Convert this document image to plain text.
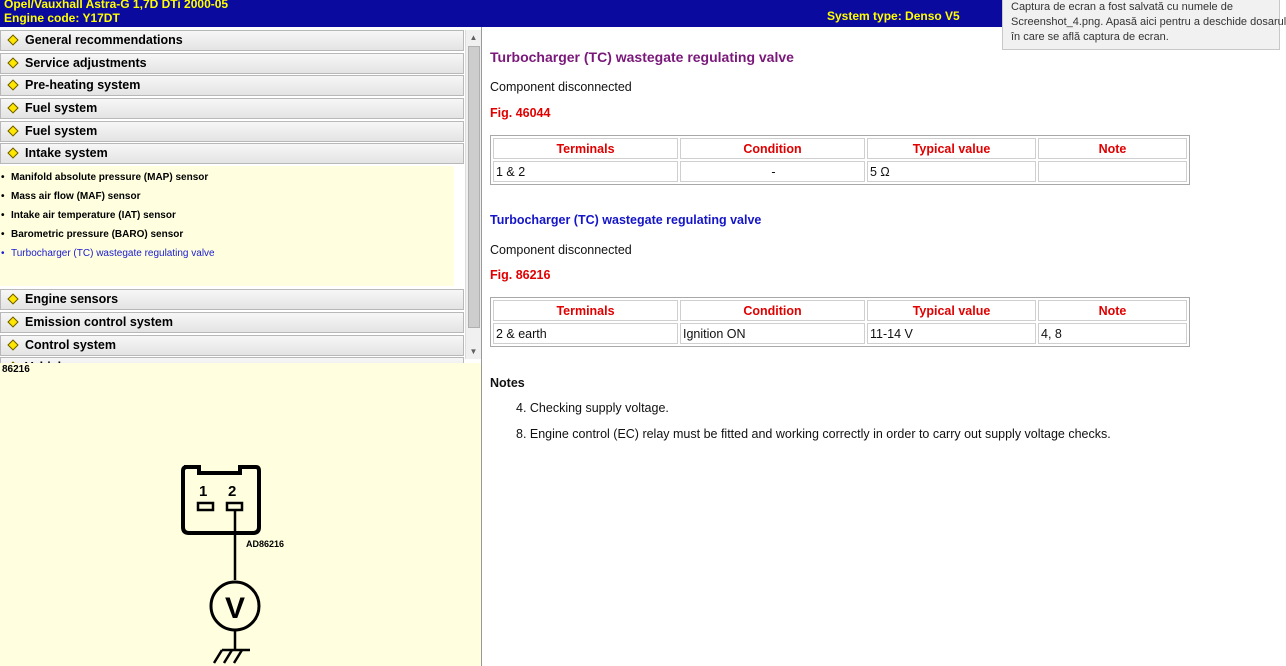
Opel/Vauxhall Astra-G 1,7D DTi 2000-05
Engine code: Y17DT	System type: Denso V5
Captura de ecran a fost salvată cu numele de
Screenshot_4.png. Apasă aici pentru a deschide dosarul
în care se află captura de ecran.
General recommendations
Service adjustments
Pre-heating system
Fuel system
Fuel system
Intake system
• Manifold absolute pressure (MAP) sensor
• Mass air flow (MAF) sensor
• Intake air temperature (IAT) sensor
• Barometric pressure (BARO) sensor
• Turbocharger (TC) wastegate regulating valve
Engine sensors
Emission control system
Control system
▲
▼
86216
1 2
AD86216
V
Turbocharger (TC) wastegate regulating valve
Component disconnected
Fig. 46044
Terminals	Condition	Typical value	Note
1 & 2	-	5 Ω	
Turbocharger (TC) wastegate regulating valve
Component disconnected
Fig. 86216
Terminals	Condition	Typical value	Note
2 & earth	Ignition ON	11-14 V	4, 8
Notes
4. Checking supply voltage.
8. Engine control (EC) relay must be fitted and working correctly in order to carry out supply voltage checks.
